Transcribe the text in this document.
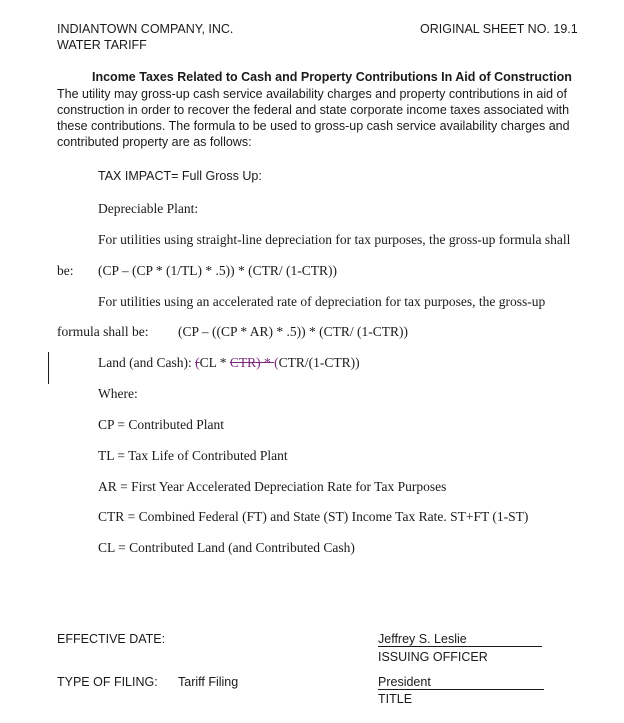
INDIANTOWN COMPANY, INC.
WATER TARIFF
ORIGINAL SHEET NO. 19.1
Income Taxes Related to Cash and Property Contributions In Aid of Construction
The utility may gross-up cash service availability charges and property contributions in aid of construction in order to recover the federal and state corporate income taxes associated with these contributions. The formula to be used to gross-up cash service availability charges and contributed property are as follows:
TAX IMPACT= Full Gross Up:
Depreciable Plant:
For utilities using straight-line depreciation for tax purposes, the gross-up formula shall
be: (CP – (CP * (1/TL) * .5)) * (CTR/ (1-CTR))
For utilities using an accelerated rate of depreciation for tax purposes, the gross-up
formula shall be: (CP – ((CP * AR) * .5)) * (CTR/ (1-CTR))
Land (and Cash): (CL * CTR) * (CTR/(1-CTR))
Where:
CP = Contributed Plant
TL = Tax Life of Contributed Plant
AR = First Year Accelerated Depreciation Rate for Tax Purposes
CTR = Combined Federal (FT) and State (ST) Income Tax Rate. ST+FT (1-ST)
CL = Contributed Land (and Contributed Cash)
EFFECTIVE DATE:
TYPE OF FILING: Tariff Filing
Jeffrey S. Leslie
ISSUING OFFICER
President
TITLE
